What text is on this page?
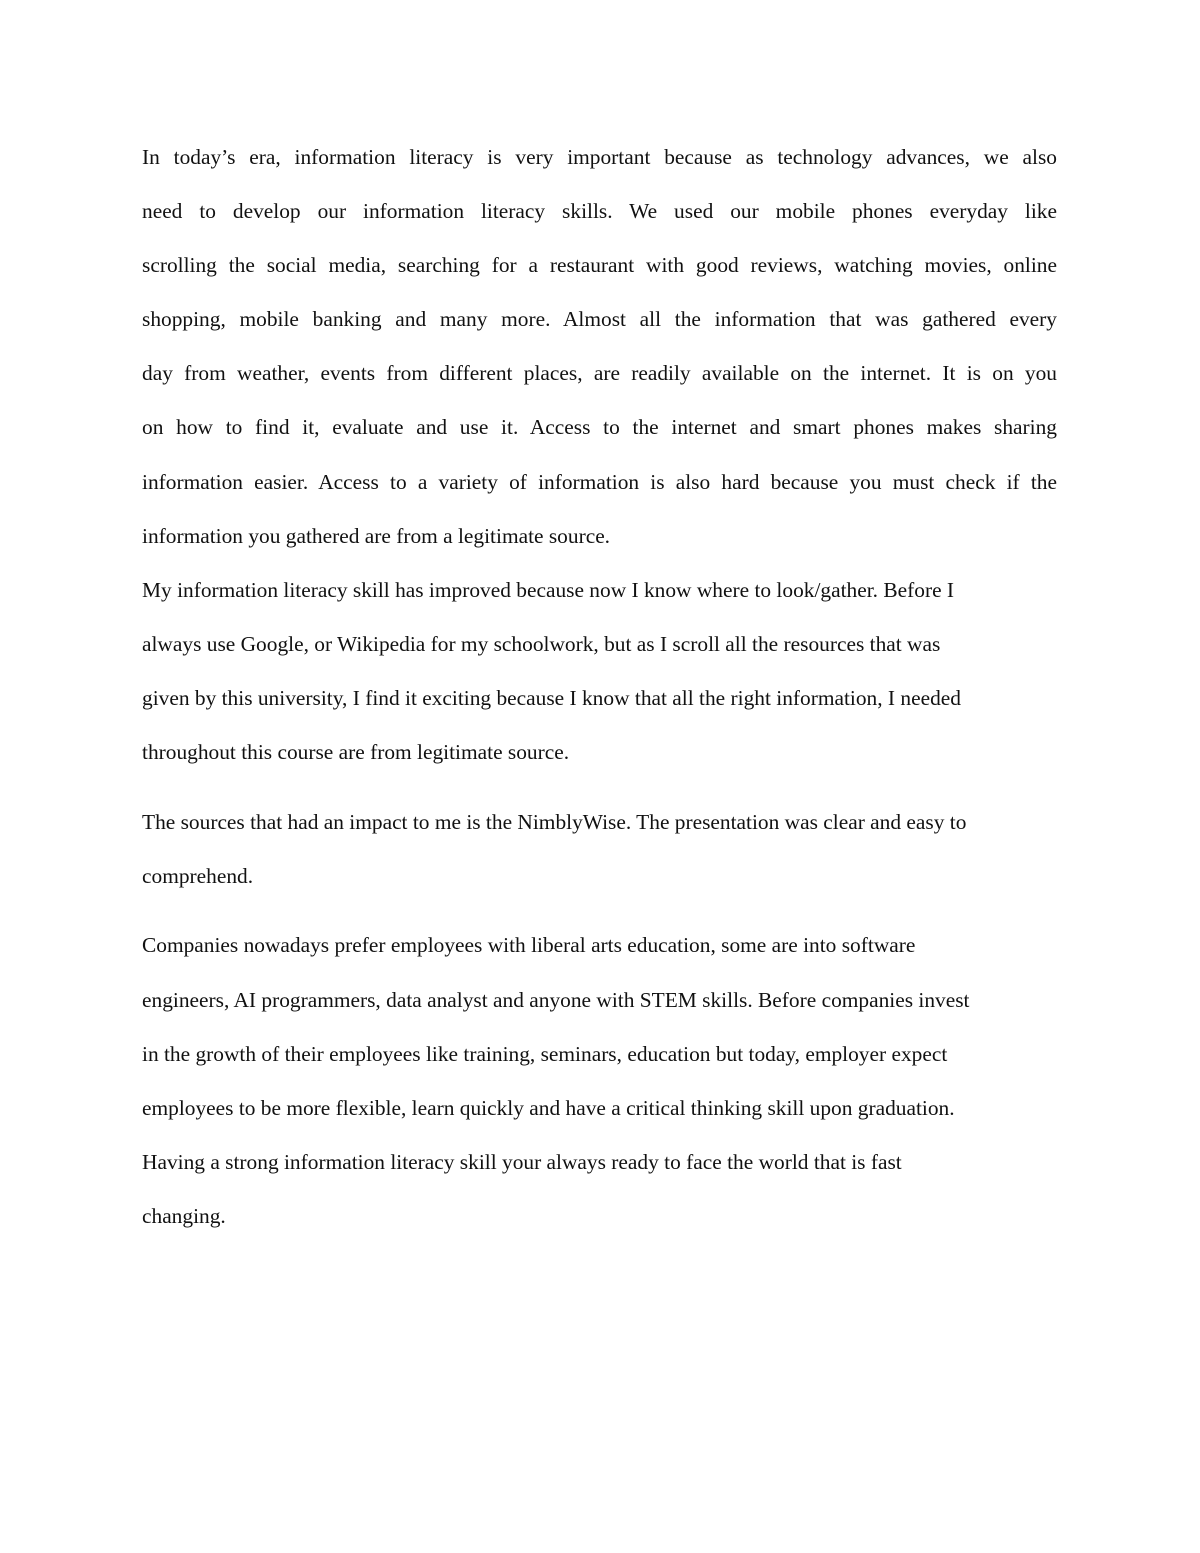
In today’s era, information literacy is very important because as technology advances, we also
need to develop our information literacy skills. We used our mobile phones everyday like
scrolling the social media, searching for a restaurant with good reviews, watching movies, online
shopping, mobile banking and many more. Almost all the information that was gathered every
day from weather, events from different places, are readily available on the internet. It is on you
on how to find it, evaluate and use it. Access to the internet and smart phones makes sharing
information easier. Access to a variety of information is also hard because you must check if the
information you gathered are from a legitimate source.
My information literacy skill has improved because now I know where to look/gather. Before I
always use Google, or Wikipedia for my schoolwork, but as I scroll all the resources that was
given by this university, I find it exciting because I know that all the right information, I needed
throughout this course are from legitimate source.
The sources that had an impact to me is the NimblyWise. The presentation was clear and easy to
comprehend.
Companies nowadays prefer employees with liberal arts education, some are into software
engineers, AI programmers, data analyst and anyone with STEM skills. Before companies invest
in the growth of their employees like training, seminars, education but today, employer expect
employees to be more flexible, learn quickly and have a critical thinking skill upon graduation.
Having a strong information literacy skill your always ready to face the world that is fast
changing.
